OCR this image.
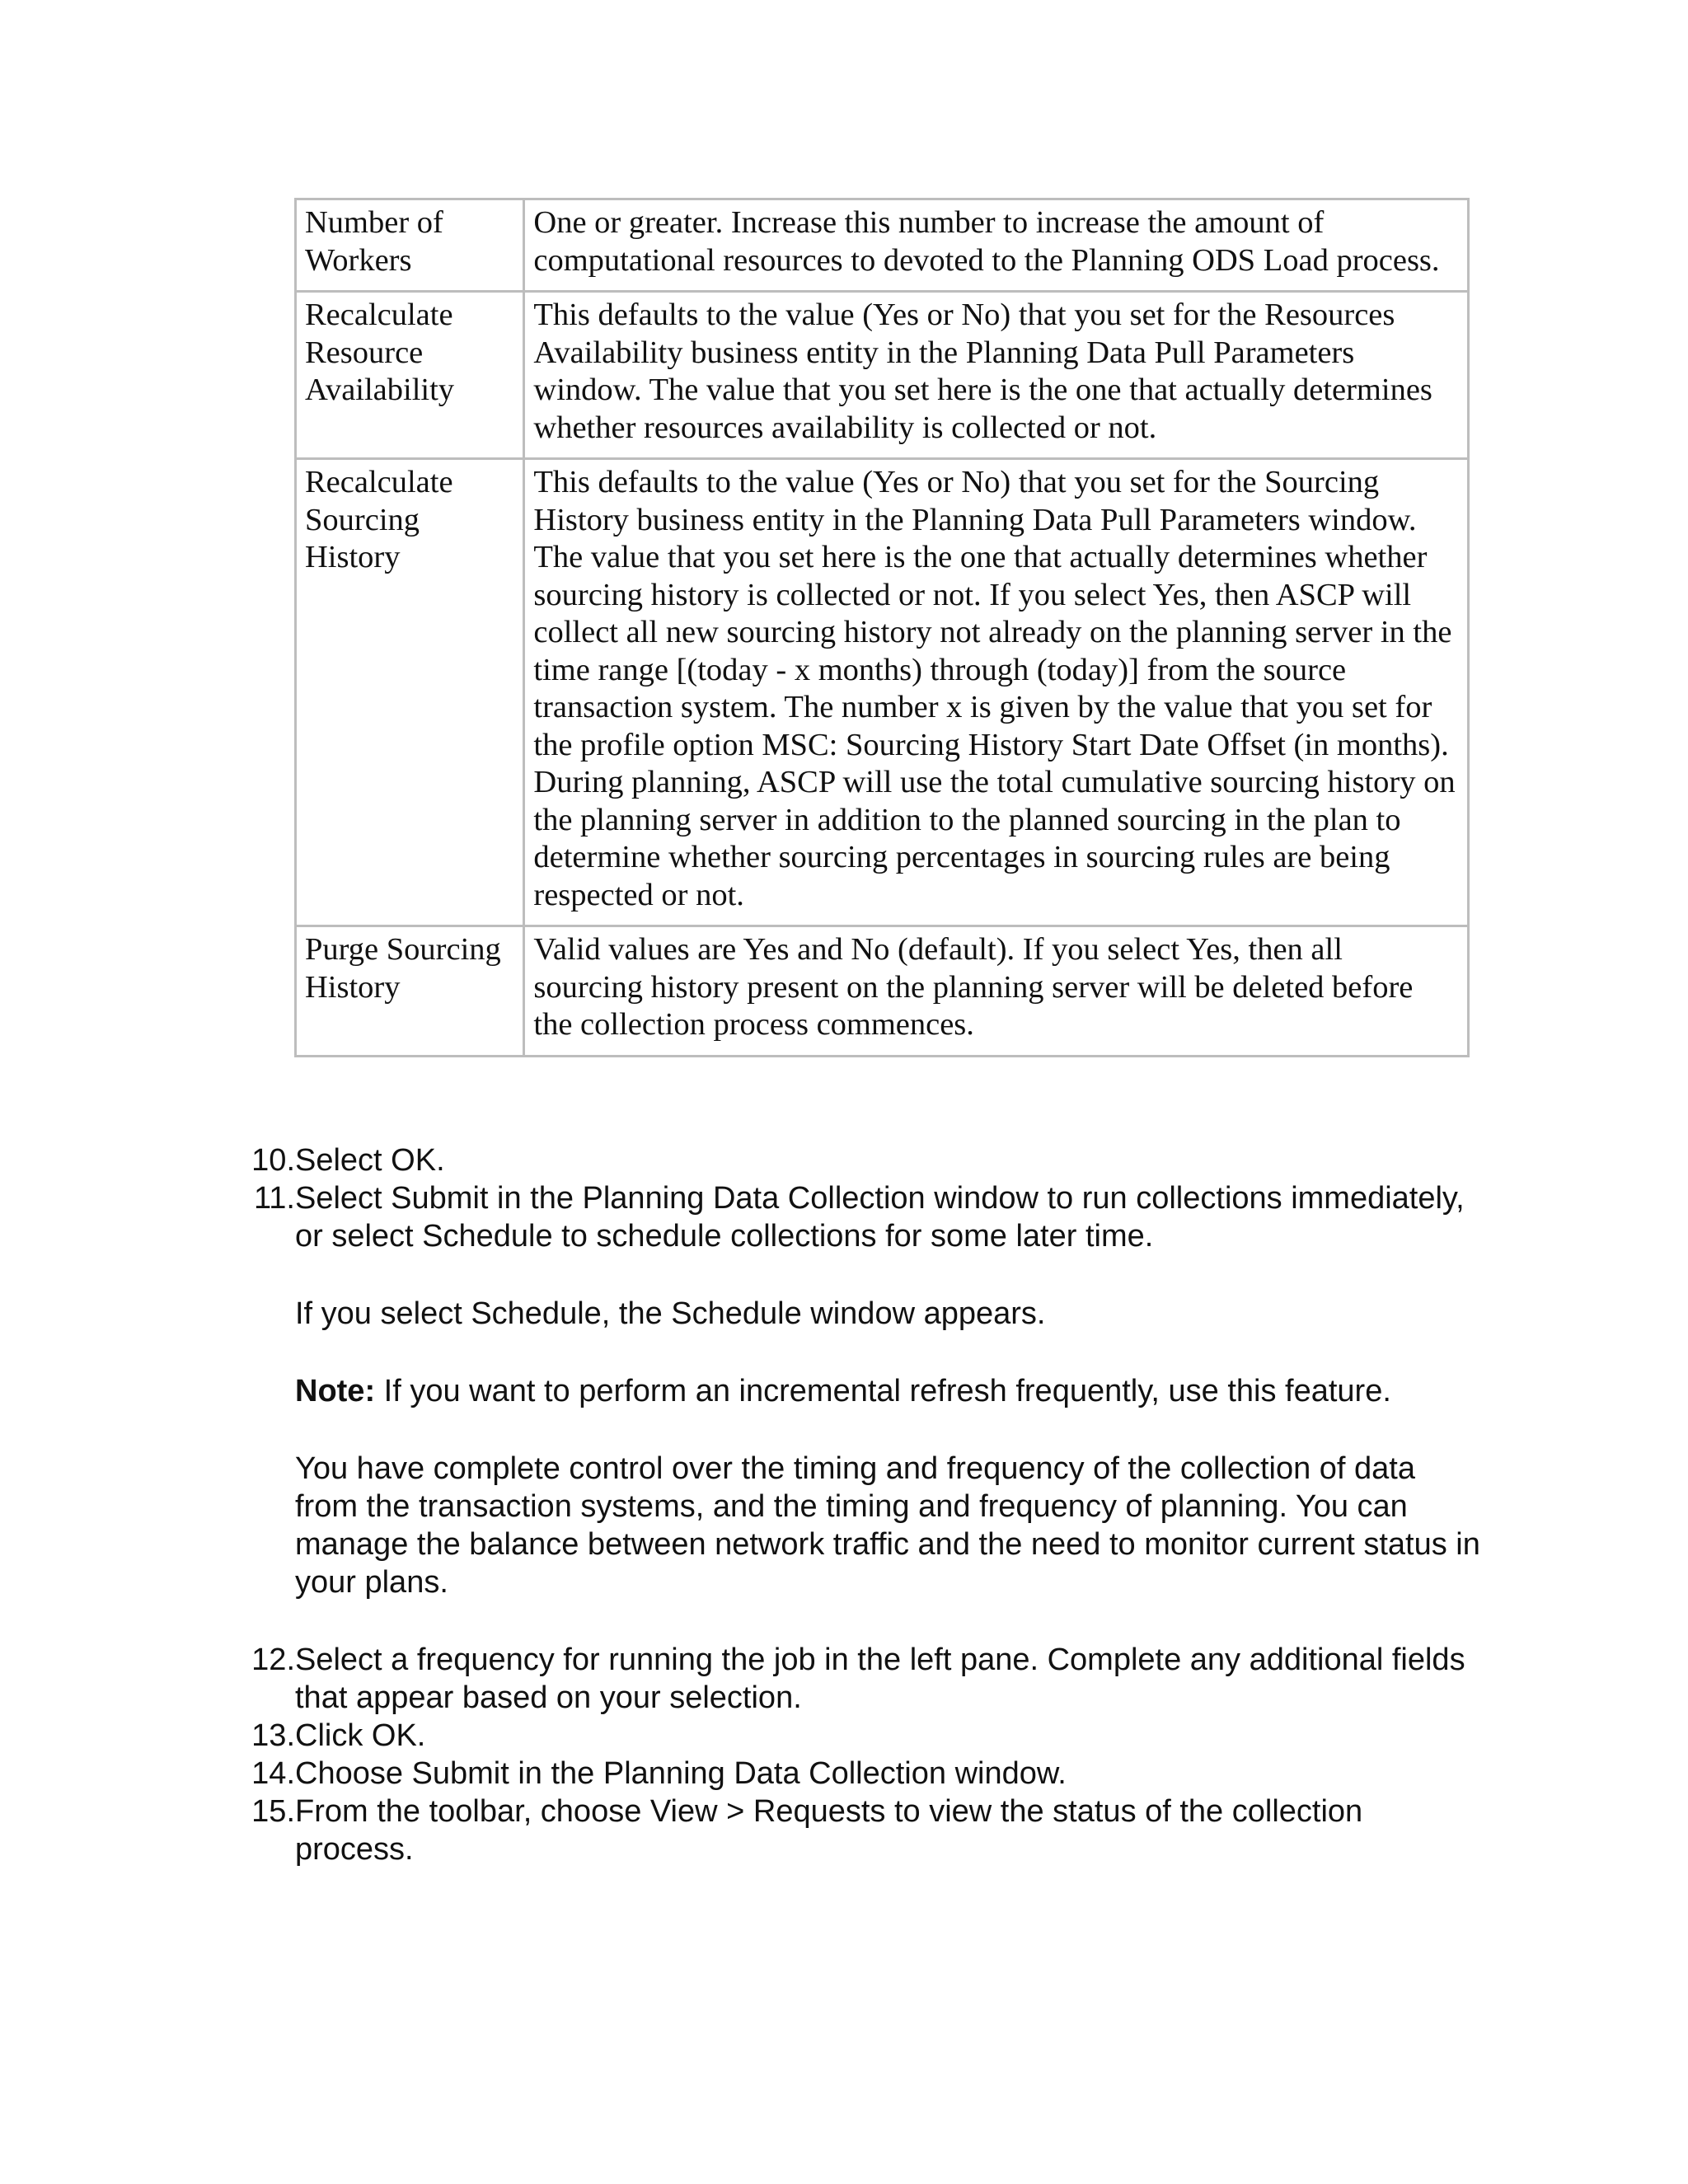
Number of Workers	One or greater. Increase this number to increase the amount of computational resources to devoted to the Planning ODS Load process.
Recalculate Resource Availability	This defaults to the value (Yes or No) that you set for the Resources Availability business entity in the Planning Data Pull Parameters window. The value that you set here is the one that actually determines whether resources availability is collected or not.
Recalculate Sourcing History	This defaults to the value (Yes or No) that you set for the Sourcing History business entity in the Planning Data Pull Parameters window. The value that you set here is the one that actually determines whether sourcing history is collected or not. If you select Yes, then ASCP will collect all new sourcing history not already on the planning server in the time range [(today - x months) through (today)] from the source transaction system. The number x is given by the value that you set for the profile option MSC: Sourcing History Start Date Offset (in months). During planning, ASCP will use the total cumulative sourcing history on the planning server in addition to the planned sourcing in the plan to determine whether sourcing percentages in sourcing rules are being respected or not.
Purge Sourcing History	Valid values are Yes and No (default). If you select Yes, then all sourcing history present on the planning server will be deleted before the collection process commences.
10. Select OK.
11. Select Submit in the Planning Data Collection window to run collections immediately, or select Schedule to schedule collections for some later time.

If you select Schedule, the Schedule window appears.

Note: If you want to perform an incremental refresh frequently, use this feature.

You have complete control over the timing and frequency of the collection of data from the transaction systems, and the timing and frequency of planning. You can manage the balance between network traffic and the need to monitor current status in your plans.

12. Select a frequency for running the job in the left pane. Complete any additional fields that appear based on your selection.
13. Click OK.
14. Choose Submit in the Planning Data Collection window.
15. From the toolbar, choose View > Requests to view the status of the collection process.
